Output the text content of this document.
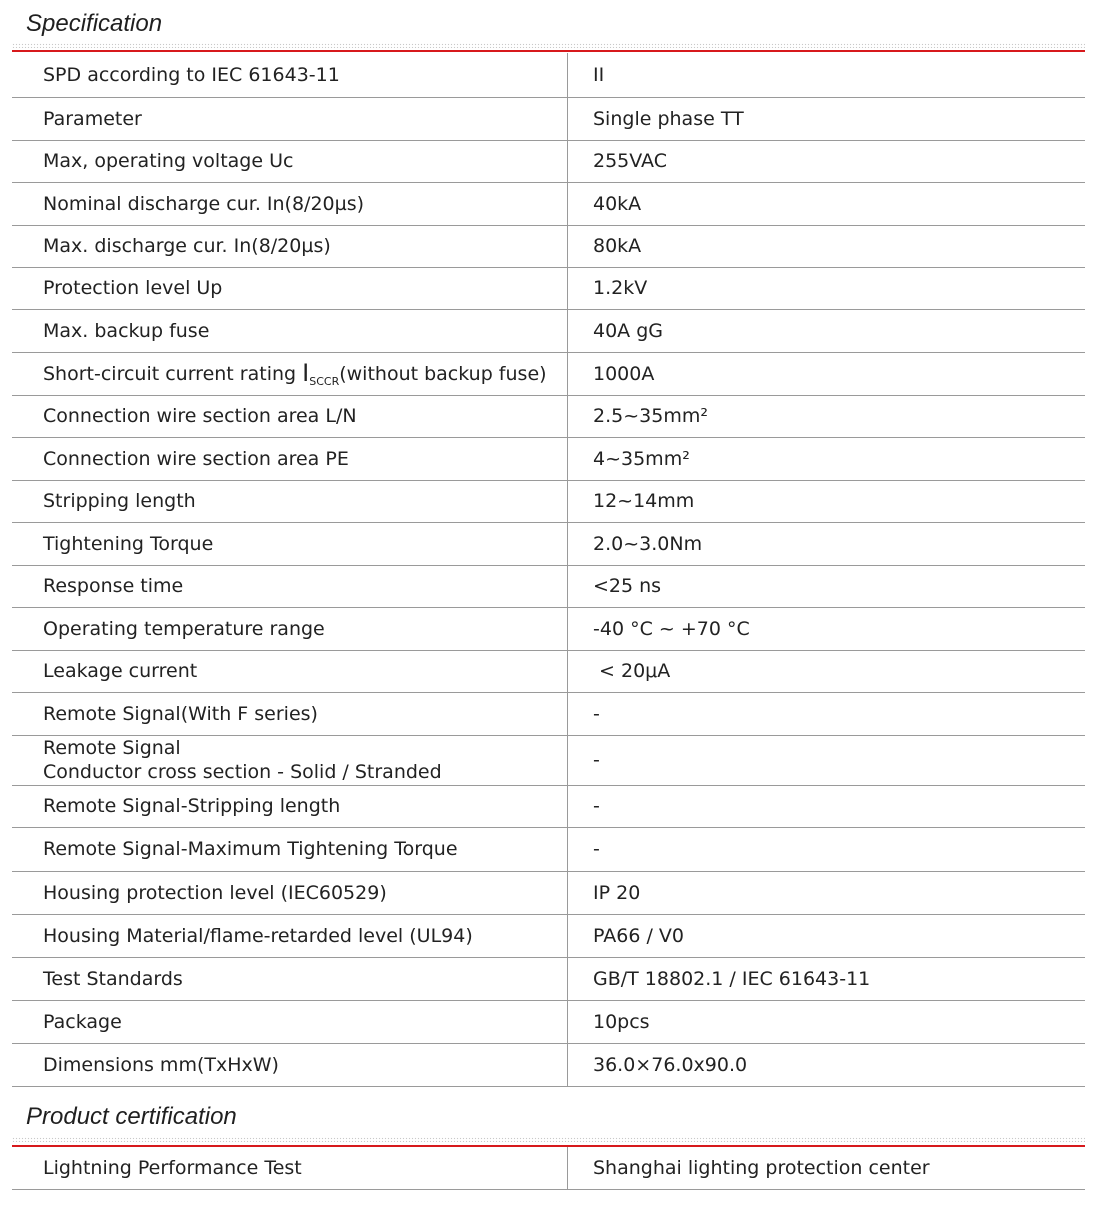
Specification
SPD according to IEC 61643-11	II
Parameter	Single phase TT
Max, operating voltage Uc	255VAC
Nominal discharge cur. In(8/20µs)	40kA
Max. discharge cur. In(8/20µs)	80kA
Protection level Up	1.2kV
Max. backup fuse	40A gG
Short-circuit current rating $I_{SCCR}(without$ backup fuse)	1000A
Connection wire section area L/N	2.5~35mm²
Connection wire section area PE	4~35mm²
Stripping length	12~14mm
Tightening Torque	2.0~3.0Nm
Response time	<25 ns
Operating temperature range	-40 °C ~ +70 °C
Leakage current	< 20μA
Remote Signal(With F series)	-

Remote Signal
Conductor cross section - Solid / Stranded	-
Remote Signal-Stripping length	-
Remote Signal-Maximum Tightening Torque	-
Housing protection level (IEC60529)	IP 20
Housing Material/flame-retarded level (UL94)	PA66 / V0
Test Standards	GB/T 18802.1 / IEC 61643-11
Package	10pcs
Dimensions mm(TxHxW)	36.0×76.0x90.0
Product certification
Lightning Performance Test	Shanghai lighting protection center
